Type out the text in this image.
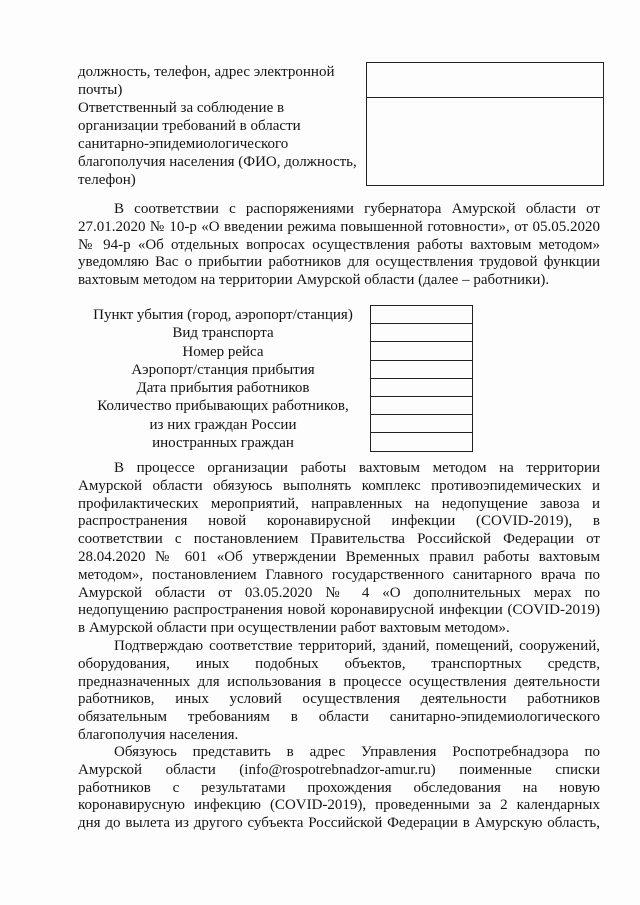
должность, телефон, адрес электронной
почты)
Ответственный за соблюдение в
организации требований в области
санитарно-эпидемиологического
благополучия населения (ФИО, должность,
телефон)
В соответствии с распоряжениями губернатора Амурской области от
27.01.2020 № 10-р «О введении режима повышенной готовности», от 05.05.2020
№ 94-р «Об отдельных вопросах осуществления работы вахтовым методом»
уведомляю Вас о прибытии работников для осуществления трудовой функции
вахтовым методом на территории Амурской области (далее – работники).
Пункт убытия (город, аэропорт/станция)
Вид транспорта
Номер рейса
Аэропорт/станция прибытия
Дата прибытия работников
Количество прибывающих работников,
из них граждан России
иностранных граждан
В процессе организации работы вахтовым методом на территории
Амурской области обязуюсь выполнять комплекс противоэпидемических и
профилактических мероприятий, направленных на недопущение завоза и
распространения новой коронавирусной инфекции (COVID-2019), в
соответствии с постановлением Правительства Российской Федерации от
28.04.2020 № 601 «Об утверждении Временных правил работы вахтовым
методом», постановлением Главного государственного санитарного врача по
Амурской области от 03.05.2020 № 4 «О дополнительных мерах по
недопущению распространения новой коронавирусной инфекции (COVID-2019)
в Амурской области при осуществлении работ вахтовым методом».
Подтверждаю соответствие территорий, зданий, помещений, сооружений,
оборудования, иных подобных объектов, транспортных средств,
предназначенных для использования в процессе осуществления деятельности
работников, иных условий осуществления деятельности работников
обязательным требованиям в области санитарно-эпидемиологического
благополучия населения.
Обязуюсь представить в адрес Управления Роспотребнадзора по
Амурской области (info@rospotrebnadzor-amur.ru) поименные списки
работников с результатами прохождения обследования на новую
коронавирусную инфекцию (COVID-2019), проведенными за 2 календарных
дня до вылета из другого субъекта Российской Федерации в Амурскую область,
